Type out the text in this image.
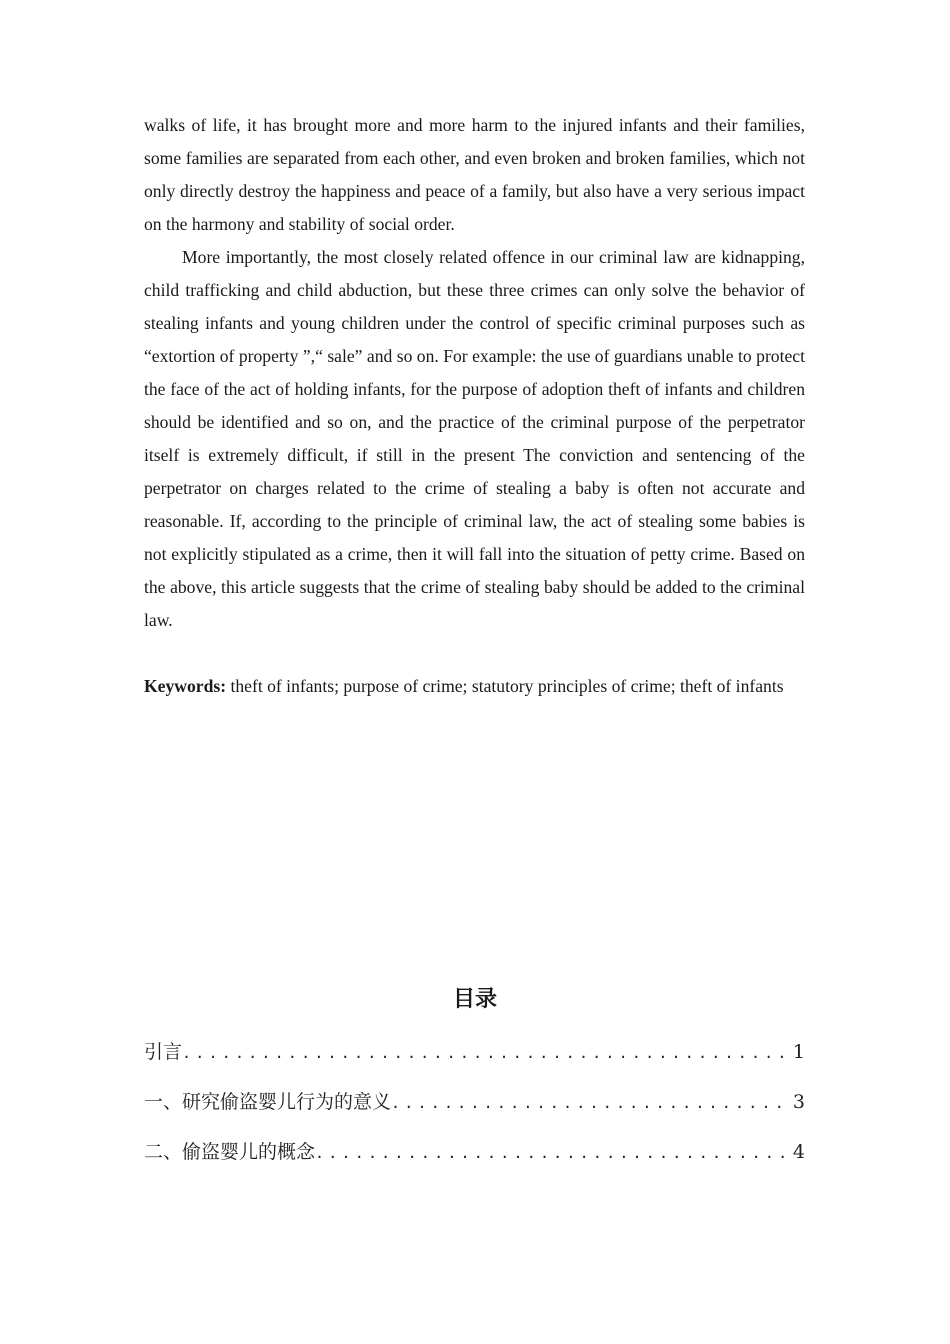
walks of life, it has brought more and more harm to the injured infants and their families, some families are separated from each other, and even broken and broken families, which not only directly destroy the happiness and peace of a family, but also have a very serious impact on the harmony and stability of social order.

More importantly, the most closely related offence in our criminal law are kidnapping, child trafficking and child abduction, but these three crimes can only solve the behavior of stealing infants and young children under the control of specific criminal purposes such as “extortion of property ”,“ sale” and so on. For example: the use of guardians unable to protect the face of the act of holding infants, for the purpose of adoption theft of infants and children should be identified and so on, and the practice of the criminal purpose of the perpetrator itself is extremely difficult, if still in the present The conviction and sentencing of the perpetrator on charges related to the crime of stealing a baby is often not accurate and reasonable. If, according to the principle of criminal law, the act of stealing some babies is not explicitly stipulated as a crime, then it will fall into the situation of petty crime. Based on the above, this article suggests that the crime of stealing baby should be added to the criminal law.

Keywords: theft of infants; purpose of crime; statutory principles of crime; theft of infants

目录
引言 .....	1
一、研究偷盗婴儿行为的意义 .....	3
二、偷盗婴儿的概念 .....	4
